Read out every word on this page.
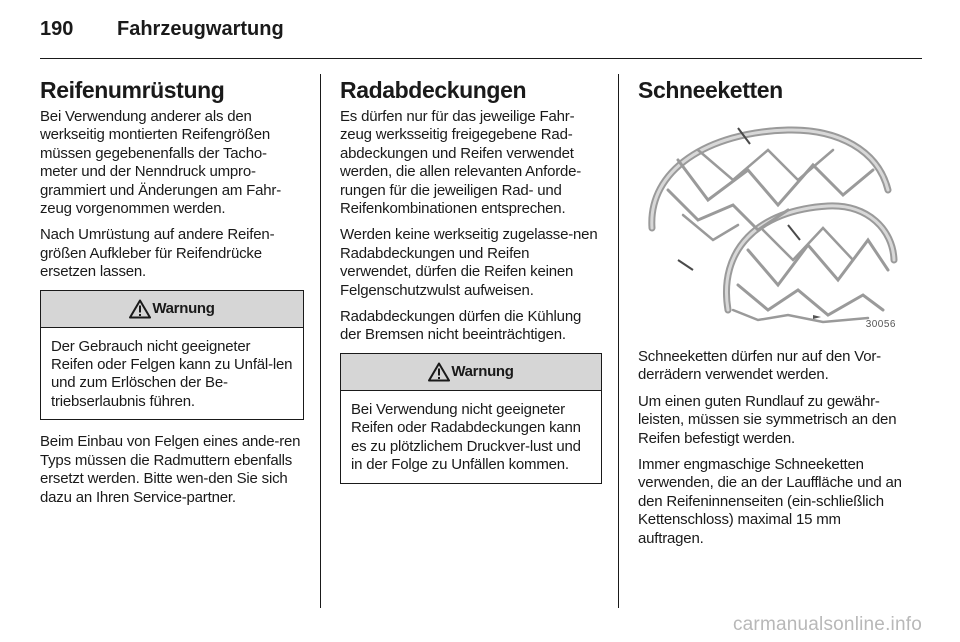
190 Fahrzeugwartung
Reifenumrüstung

Bei Verwendung anderer als den werkseitig montierten Reifengrößen müssen gegebenenfalls der Tacho-meter und der Nenndruck umpro-grammiert und Änderungen am Fahr-zeug vorgenommen werden.

Nach Umrüstung auf andere Reifen-größen Aufkleber für Reifendrücke ersetzen lassen.

Warnung

Der Gebrauch nicht geeigneter Reifen oder Felgen kann zu Unfäl-len und zum Erlöschen der Be-triebserlaubnis führen.

Beim Einbau von Felgen eines ande-ren Typs müssen die Radmuttern ebenfalls ersetzt werden. Bitte wen-den Sie sich dazu an Ihren Service-partner.

Radabdeckungen

Es dürfen nur für das jeweilige Fahr-zeug werksseitig freigegebene Rad-abdeckungen und Reifen verwendet werden, die allen relevanten Anforde-rungen für die jeweiligen Rad- und Reifenkombinationen entsprechen.

Werden keine werkseitig zugelasse-nen Radabdeckungen und Reifen verwendet, dürfen die Reifen keinen Felgenschutzwulst aufweisen.

Radabdeckungen dürfen die Kühlung der Bremsen nicht beeinträchtigen.

Warnung

Bei Verwendung nicht geeigneter Reifen oder Radabdeckungen kann es zu plötzlichem Druckver-lust und in der Folge zu Unfällen kommen.

Schneeketten
30056

Schneeketten dürfen nur auf den Vor-derrädern verwendet werden.

Um einen guten Rundlauf zu gewähr-leisten, müssen sie symmetrisch an den Reifen befestigt werden.

Immer engmaschige Schneeketten verwenden, die an der Lauffläche und an den Reifeninnenseiten (ein-schließlich Kettenschloss) maximal 15 mm auftragen.

carmanualsonline.info
